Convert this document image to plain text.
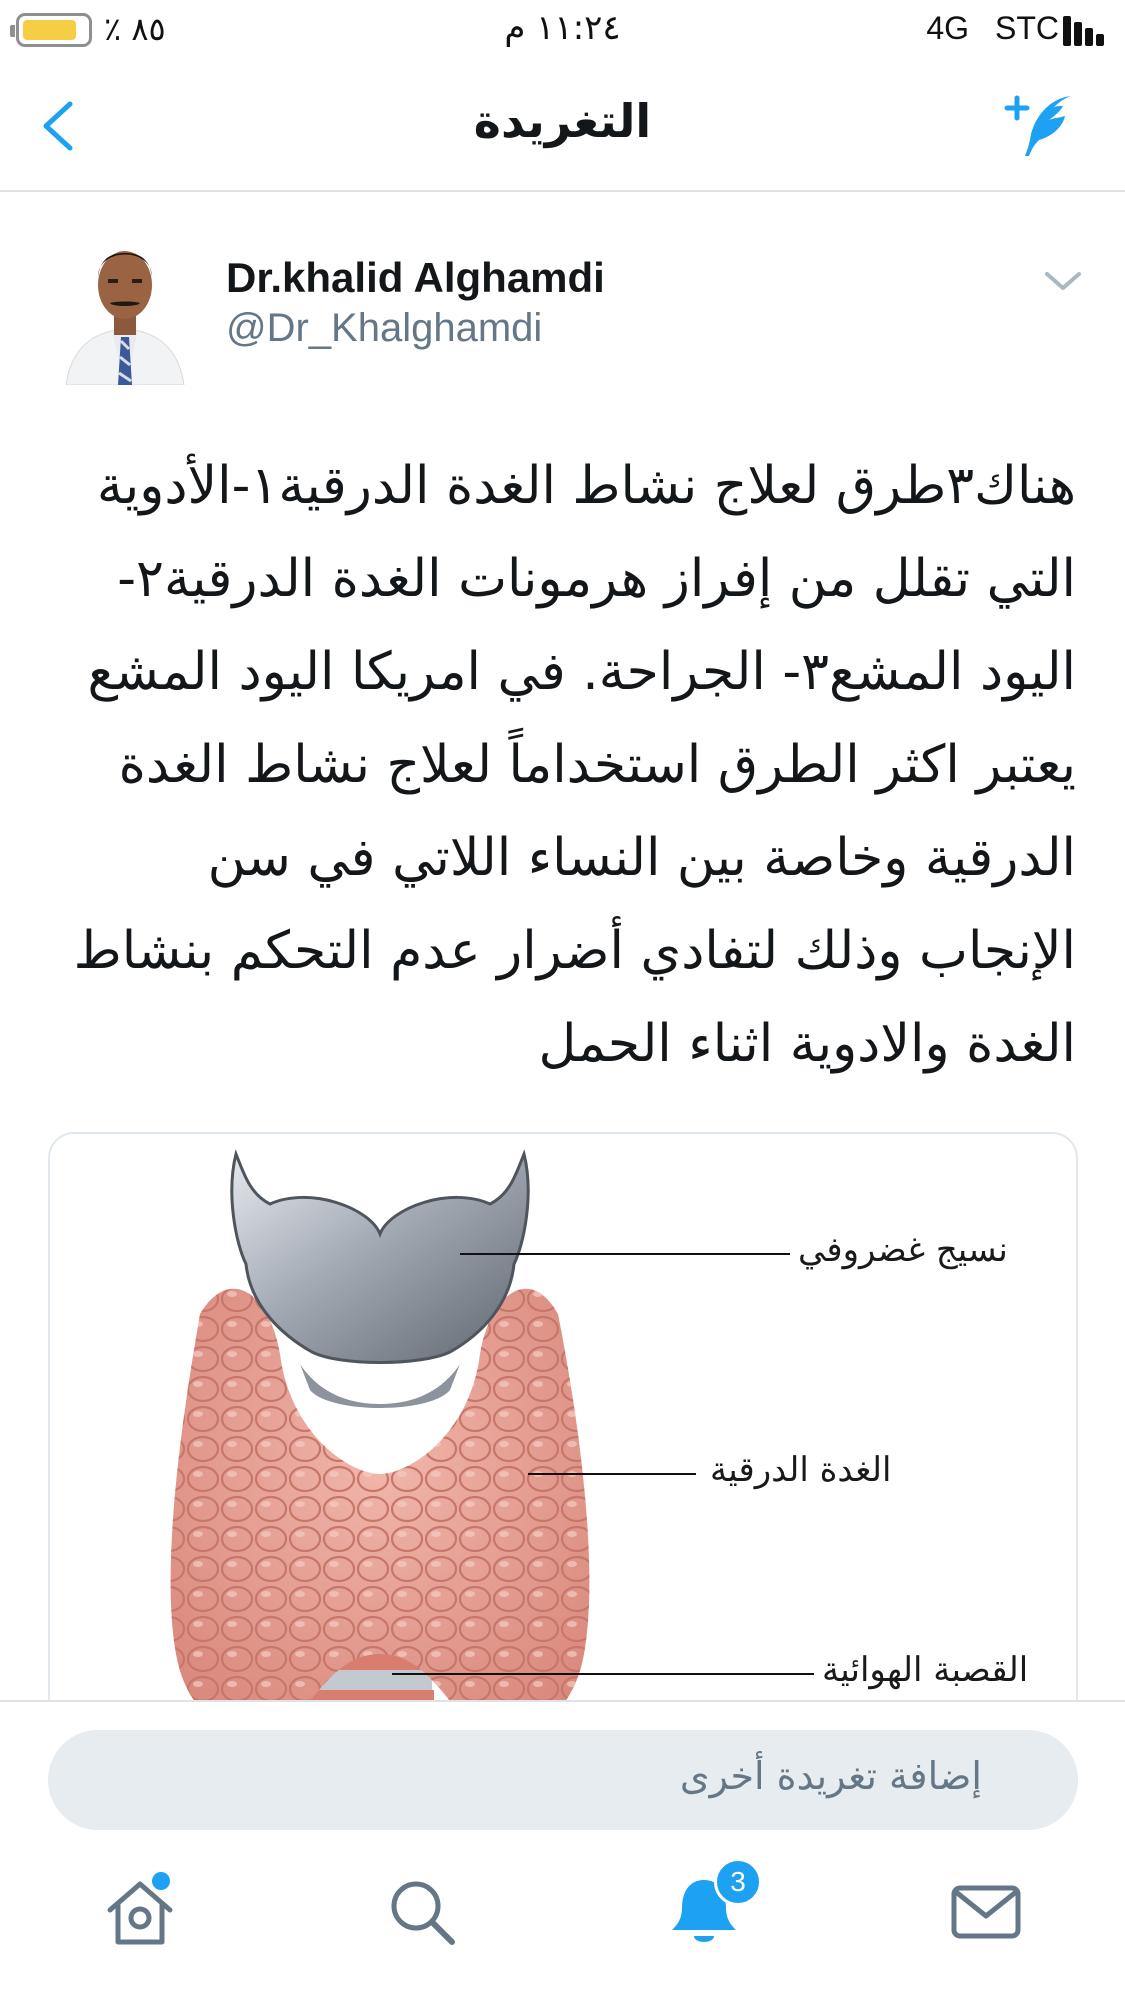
٪ ٨٥	١١:٢٤ م	4G STC
التغريدة
Dr.khalid Alghamdi
@Dr_Khalghamdi
هناك٣طرق لعلاج نشاط الغدة الدرقية١-الأدوية التي تقلل من إفراز هرمونات الغدة الدرقية٢- اليود المشع٣- الجراحة. في امريكا اليود المشع يعتبر اكثر الطرق استخداماً لعلاج نشاط الغدة الدرقية وخاصة بين النساء اللاتي في سن الإنجاب وذلك لتفادي أضرار عدم التحكم بنشاط الغدة والادوية اثناء الحمل
نسيج غضروفي
الغدة الدرقية
القصبة الهوائية
إضافة تغريدة أخرى
3
